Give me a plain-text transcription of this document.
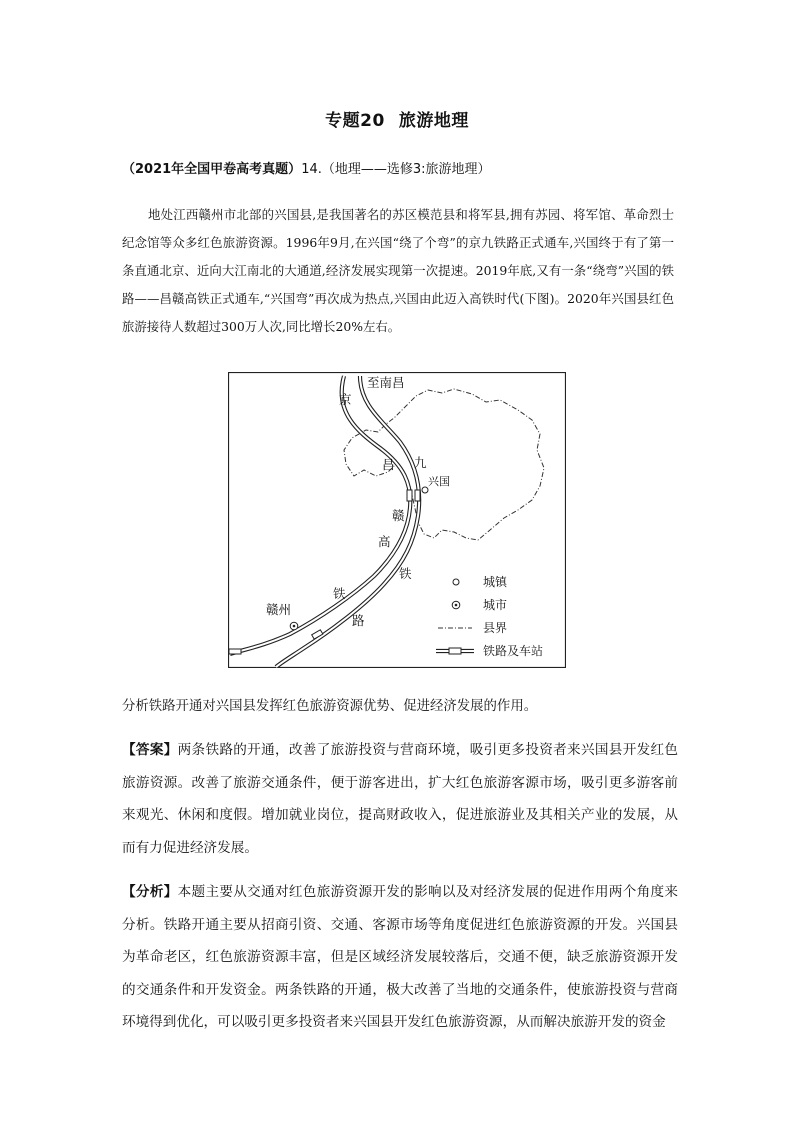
专题20 旅游地理
（2021年全国甲卷高考真题）14.（地理——选修3:旅游地理）

地处江西赣州市北部的兴国县,是我国著名的苏区模范县和将军县,拥有苏园、将军馆、革命烈士纪念馆等众多红色旅游资源。1996年9月,在兴国“绕了个弯”的京九铁路正式通车,兴国终于有了第一条直通北京、近向大江南北的大通道,经济发展实现第一次提速。2019年底,又有一条“绕弯”兴国的铁路——昌赣高铁正式通车,“兴国弯”再次成为热点,兴国由此迈入高铁时代(下图)。2020年兴国县红色旅游接待人数超过300万人次,同比增长20%左右。

至南昌
京
昌 九
兴国
赣
高
铁
铁
路
赣州
城镇
城市
县界
铁路及车站
分析铁路开通对兴国县发挥红色旅游资源优势、促进经济发展的作用。

【答案】两条铁路的开通，改善了旅游投资与营商环境，吸引更多投资者来兴国县开发红色旅游资源。改善了旅游交通条件，便于游客进出，扩大红色旅游客源市场，吸引更多游客前来观光、休闲和度假。增加就业岗位，提高财政收入，促进旅游业及其相关产业的发展，从而有力促进经济发展。

【分析】本题主要从交通对红色旅游资源开发的影响以及对经济发展的促进作用两个角度来分析。铁路开通主要从招商引资、交通、客源市场等角度促进红色旅游资源的开发。兴国县为革命老区，红色旅游资源丰富，但是区域经济发展较落后，交通不便，缺乏旅游资源开发的交通条件和开发资金。两条铁路的开通，极大改善了当地的交通条件，使旅游投资与营商环境得到优化，可以吸引更多投资者来兴国县开发红色旅游资源，从而解决旅游开发的资金
